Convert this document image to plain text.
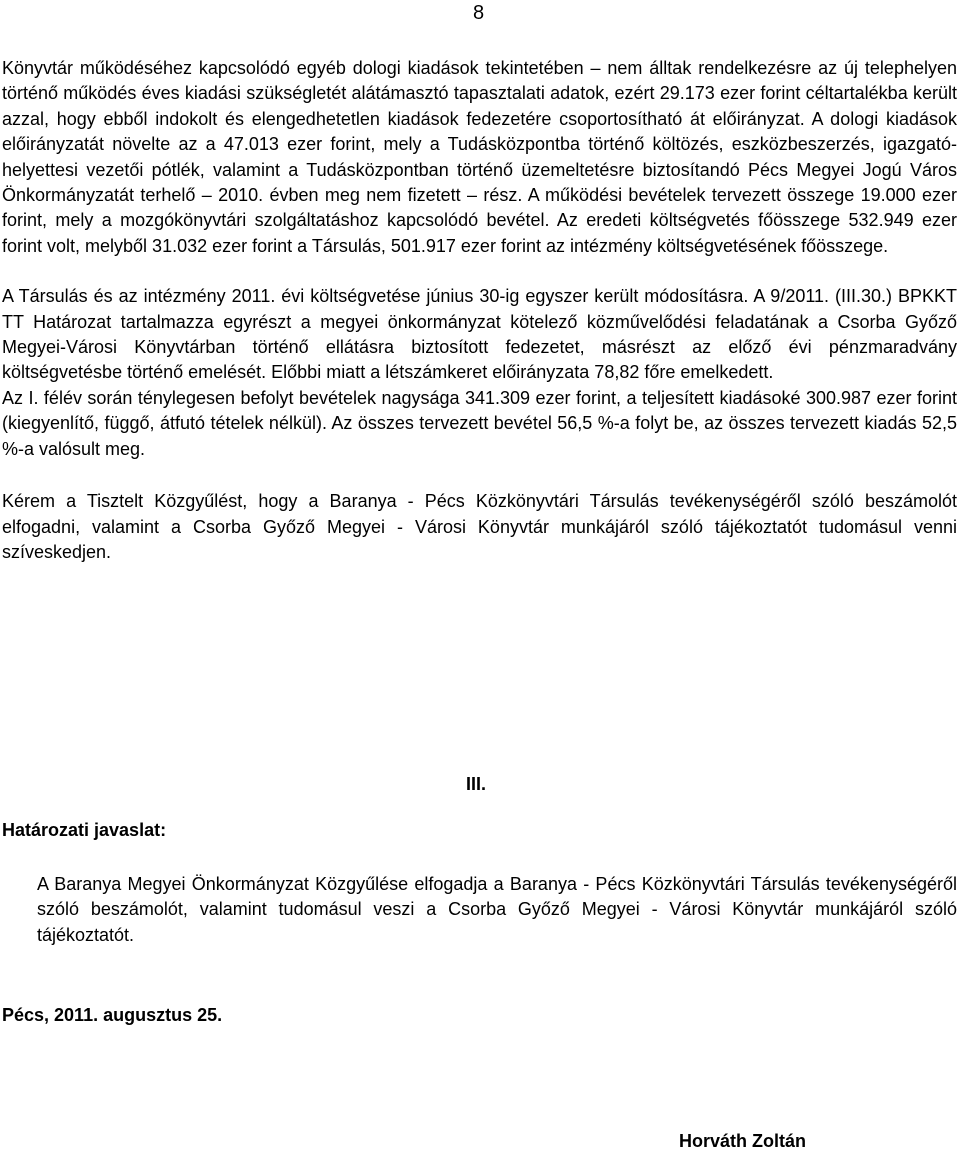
8

Könyvtár működéséhez kapcsolódó egyéb dologi kiadások tekintetében – nem álltak rendelkezésre az új telephelyen történő működés éves kiadási szükségletét alátámasztó tapasztalati adatok, ezért 29.173 ezer forint céltartalékba került azzal, hogy ebből indokolt és elengedhetetlen kiadások fedezetére csoportosítható át előirányzat. A dologi kiadások előirányzatát növelte az a 47.013 ezer forint, mely a Tudásközpontba történő költözés, eszközbeszerzés, igazgató-helyettesi vezetői pótlék, valamint a Tudásközpontban történő üzemeltetésre biztosítandó Pécs Megyei Jogú Város Önkormányzatát terhelő – 2010. évben meg nem fizetett – rész. A működési bevételek tervezett összege 19.000 ezer forint, mely a mozgókönyvtári szolgáltatáshoz kapcsolódó bevétel. Az eredeti költségvetés főösszege 532.949 ezer forint volt, melyből 31.032 ezer forint a Társulás, 501.917 ezer forint az intézmény költségvetésének főösszege.

A Társulás és az intézmény 2011. évi költségvetése június 30-ig egyszer került módosításra. A 9/2011. (III.30.) BPKKT TT Határozat tartalmazza egyrészt a megyei önkormányzat kötelező közművelődési feladatának a Csorba Győző Megyei-Városi Könyvtárban történő ellátásra biztosított fedezetet, másrészt az előző évi pénzmaradvány költségvetésbe történő emelését. Előbbi miatt a létszámkeret előirányzata 78,82 főre emelkedett.

Az I. félév során ténylegesen befolyt bevételek nagysága 341.309 ezer forint, a teljesített kiadásoké 300.987 ezer forint (kiegyenlítő, függő, átfutó tételek nélkül). Az összes tervezett bevétel 56,5 %-a folyt be, az összes tervezett kiadás 52,5 %-a valósult meg.

Kérem a Tisztelt Közgyűlést, hogy a Baranya - Pécs Közkönyvtári Társulás tevékenységéről szóló beszámolót elfogadni, valamint a Csorba Győző Megyei - Városi Könyvtár munkájáról szóló tájékoztatót tudomásul venni szíveskedjen.

III.
Határozati javaslat:

A Baranya Megyei Önkormányzat Közgyűlése elfogadja a Baranya - Pécs Közkönyvtári Társulás tevékenységéről szóló beszámolót, valamint tudomásul veszi a Csorba Győző Megyei - Városi Könyvtár munkájáról szóló tájékoztatót.

Pécs, 2011. augusztus 25.
Horváth Zoltán
